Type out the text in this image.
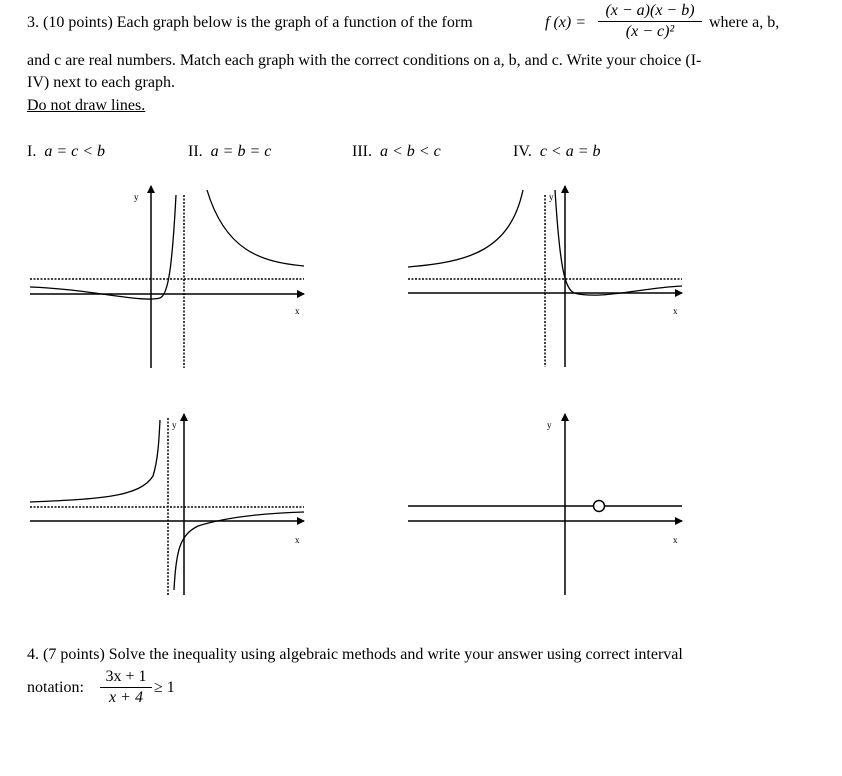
3. (10 points) Each graph below is the graph of a function of the form	f (x) =
(x − a)(x − b)
(x − c)²
where a, b,
and c are real numbers. Match each graph with the correct conditions on a, b, and c. Write your choice (I-
IV) next to each graph.
Do not draw lines.
I. a = c < b	II. a = b = c	III. a < b < c	IV. c < a = b
x
y
x
y
x
y
x
y
4. (7 points) Solve the inequality using algebraic methods and write your answer using correct interval
notation:
3x + 1
x + 4
≥ 1
